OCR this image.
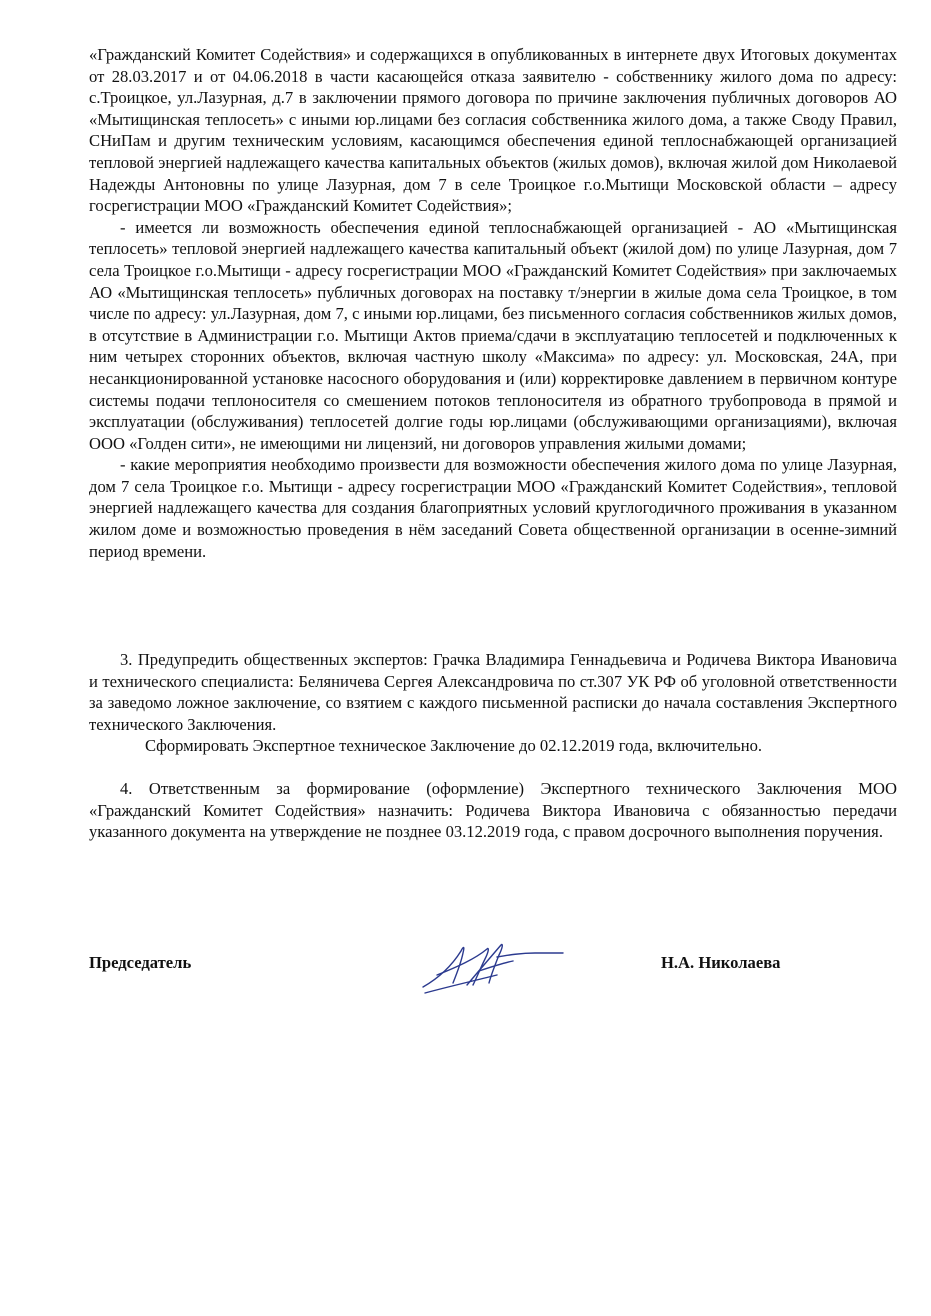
«Гражданский Комитет Содействия» и содержащихся в опубликованных в интернете двух Итоговых документах от 28.03.2017 и от 04.06.2018 в части касающейся отказа заявителю - собственнику жилого дома по адресу: с.Троицкое, ул.Лазурная, д.7 в заключении прямого договора по причине заключения публичных договоров АО «Мытищинская теплосеть» с иными юр.лицами без согласия собственника жилого дома, а также Своду Правил, СНиПам и другим техническим условиям, касающимся обеспечения единой теплоснабжающей организацией тепловой энергией надлежащего качества капитальных объектов (жилых домов), включая жилой дом Николаевой Надежды Антоновны по улице Лазурная, дом 7 в селе Троицкое г.о.Мытищи Московской области – адресу госрегистрации МОО «Гражданский Комитет Содействия»;

- имеется ли возможность обеспечения единой теплоснабжающей организацией - АО «Мытищинская теплосеть» тепловой энергией надлежащего качества капитальный объект (жилой дом) по улице Лазурная, дом 7 села Троицкое г.о.Мытищи - адресу госрегистрации МОО «Гражданский Комитет Содействия» при заключаемых АО «Мытищинская теплосеть» публичных договорах на поставку т/энергии в жилые дома села Троицкое, в том числе по адресу: ул.Лазурная, дом 7, с иными юр.лицами, без письменного согласия собственников жилых домов, в отсутствие в Администрации г.о. Мытищи Актов приема/сдачи в эксплуатацию теплосетей и подключенных к ним четырех сторонних объектов, включая частную школу «Максима» по адресу: ул. Московская, 24А, при несанкционированной установке насосного оборудования и (или) корректировке давлением в первичном контуре системы подачи теплоносителя со смешением потоков теплоносителя из обратного трубопровода в прямой и эксплуатации (обслуживания) теплосетей долгие годы юр.лицами (обслуживающими организациями), включая ООО «Голден сити», не имеющими ни лицензий, ни договоров управления жилыми домами;

- какие мероприятия необходимо произвести для возможности обеспечения жилого дома по улице Лазурная, дом 7 села Троицкое г.о. Мытищи - адресу госрегистрации МОО «Гражданский Комитет Содействия», тепловой энергией надлежащего качества для создания благоприятных условий круглогодичного проживания в указанном жилом доме и возможностью проведения в нём заседаний Совета общественной организации в осенне-зимний период времени.

3. Предупредить общественных экспертов: Грачка Владимира Геннадьевича и Родичева Виктора Ивановича и технического специалиста: Беляничева Сергея Александровича по ст.307 УК РФ об уголовной ответственности за заведомо ложное заключение, со взятием с каждого письменной расписки до начала составления Экспертного технического Заключения.

Сформировать Экспертное техническое Заключение до 02.12.2019 года, включительно.

4. Ответственным за формирование (оформление) Экспертного технического Заключения МОО «Гражданский Комитет Содействия» назначить: Родичева Виктора Ивановича с обязанностью передачи указанного документа на утверждение не позднее 03.12.2019 года, с правом досрочного выполнения поручения.

Председатель	Н.А. Николаева
